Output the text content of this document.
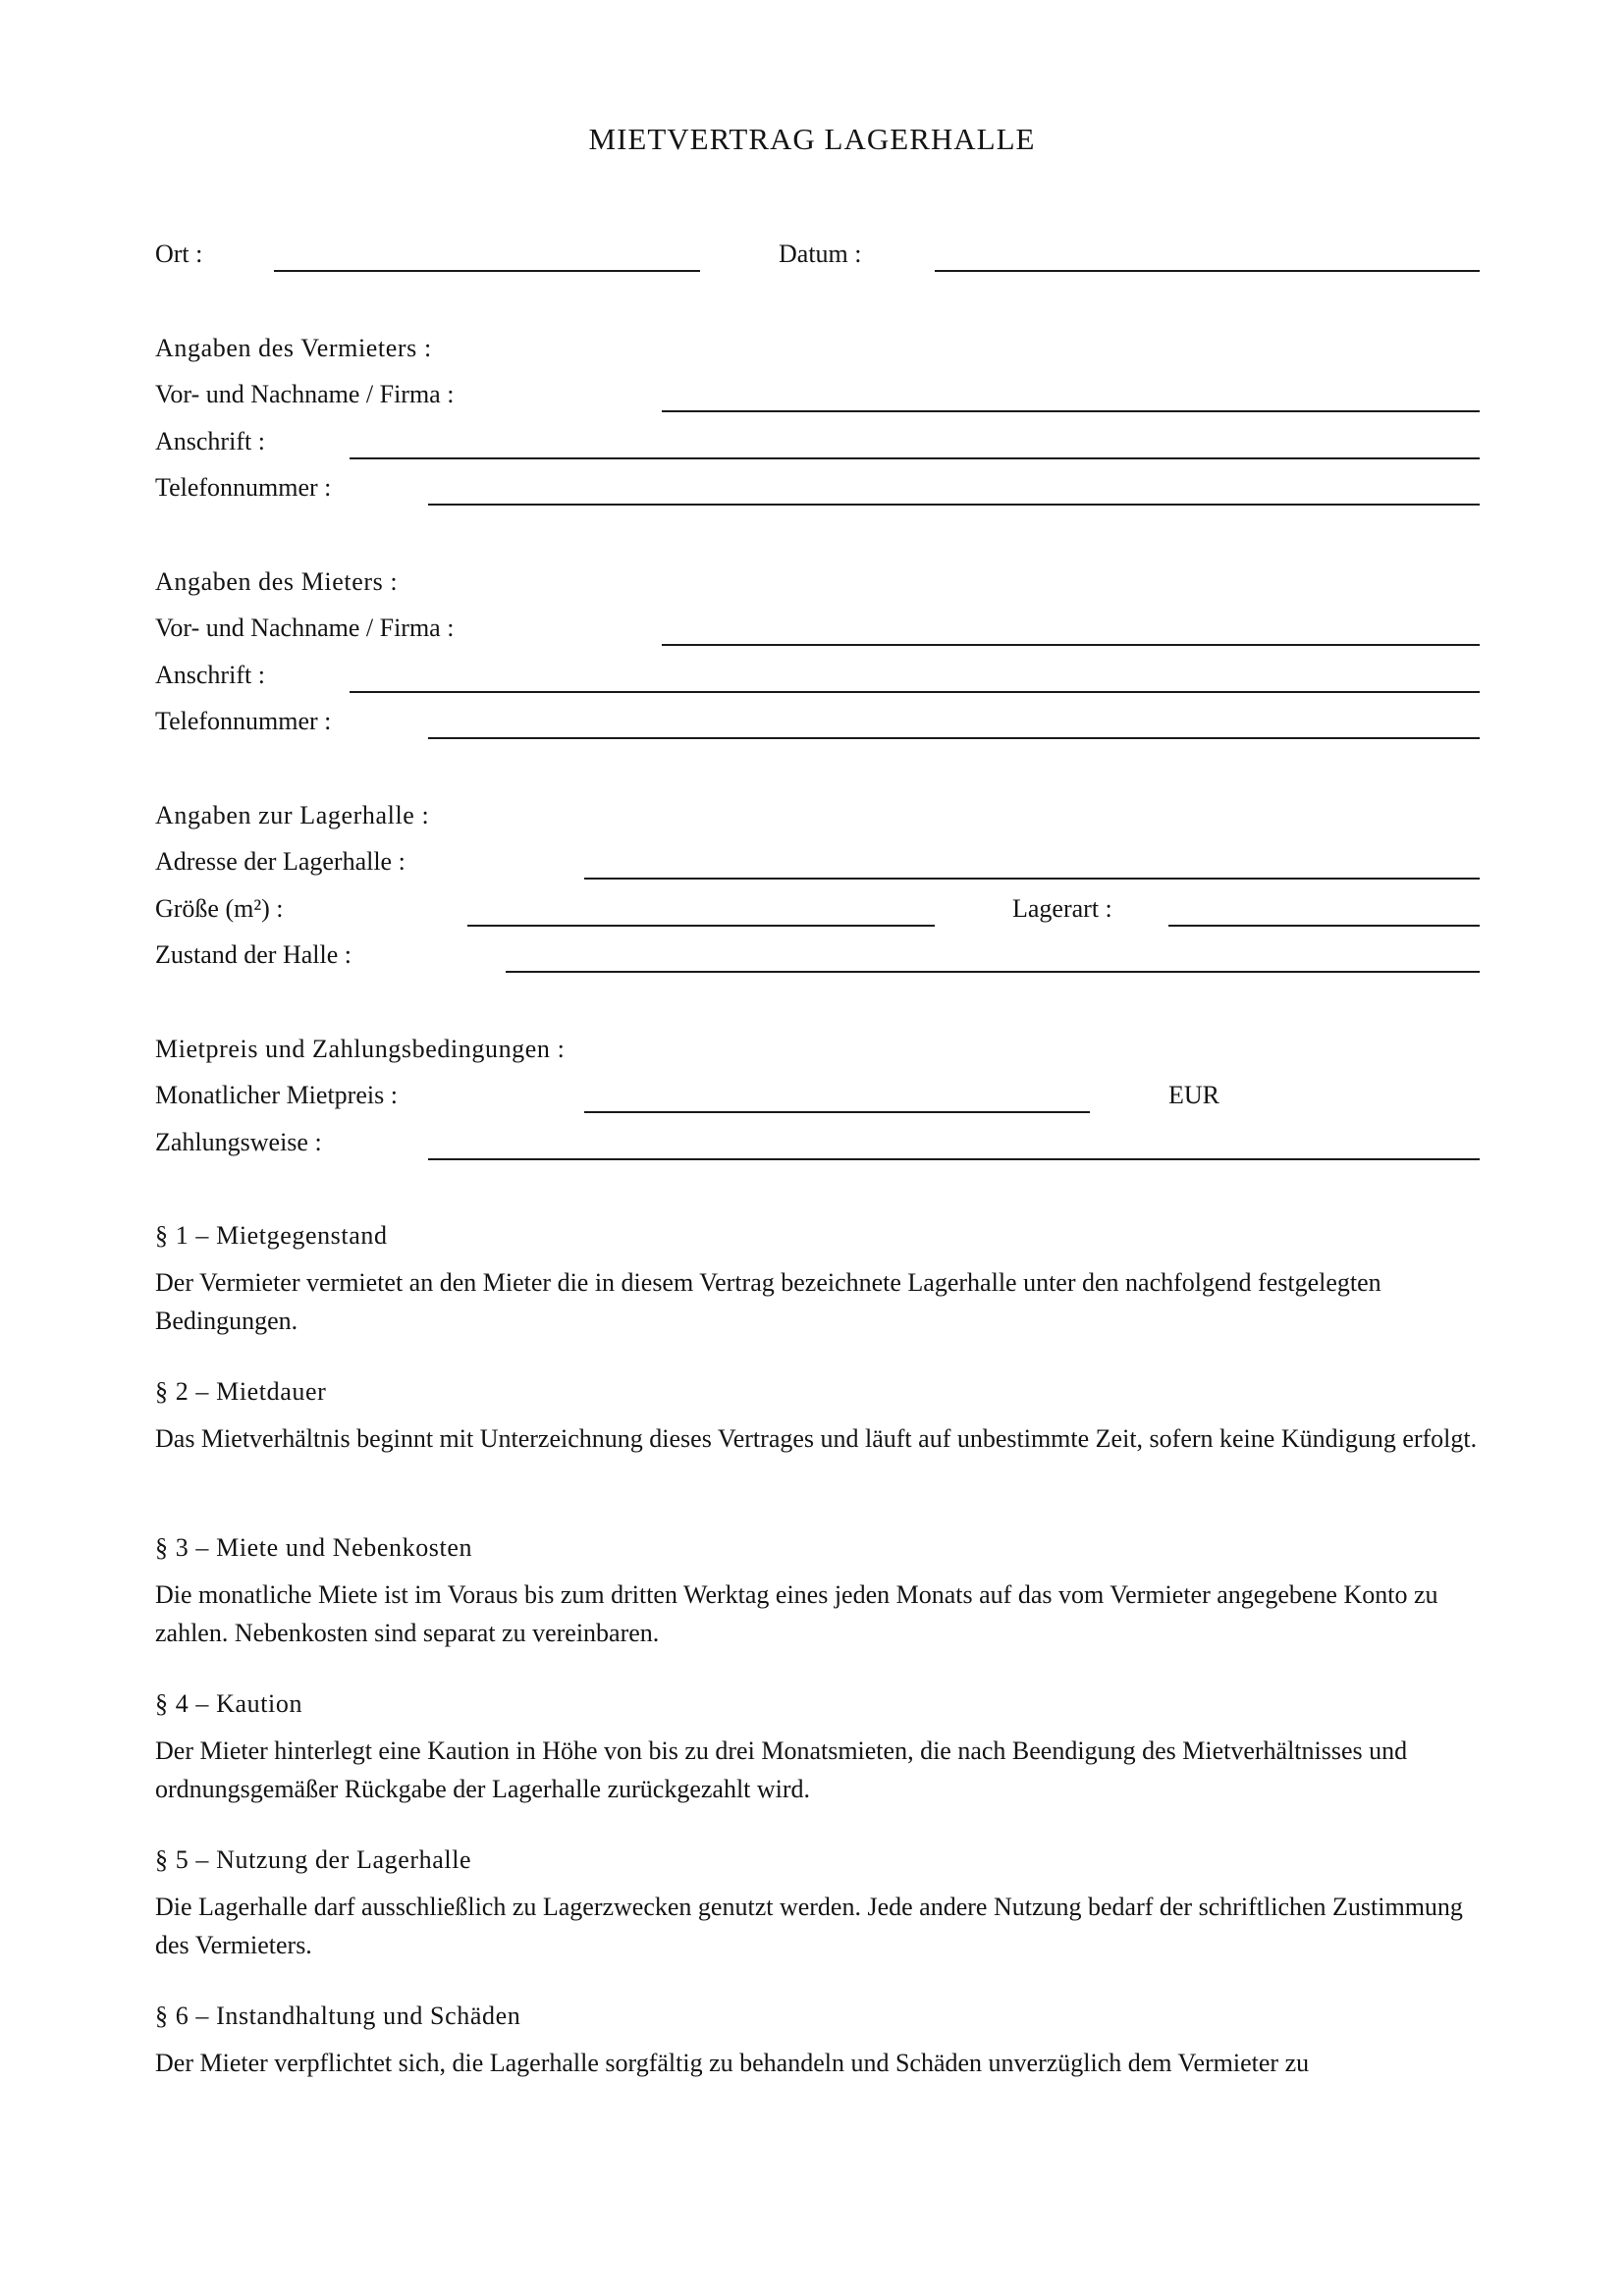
MIETVERTRAG LAGERHALLE
Ort :	Datum :
Angaben des Vermieters :
Vor- und Nachname / Firma :
Anschrift :
Telefonnummer :
Angaben des Mieters :
Vor- und Nachname / Firma :
Anschrift :
Telefonnummer :
Angaben zur Lagerhalle :
Adresse der Lagerhalle :
Größe (m²) :	Lagerart :
Zustand der Halle :
Mietpreis und Zahlungsbedingungen :
Monatlicher Mietpreis :	EUR
Zahlungsweise :
§ 1 – Mietgegenstand
Der Vermieter vermietet an den Mieter die in diesem Vertrag bezeichnete Lagerhalle unter den nachfolgend festgelegten Bedingungen.
§ 2 – Mietdauer
Das Mietverhältnis beginnt mit Unterzeichnung dieses Vertrages und läuft auf unbestimmte Zeit, sofern keine Kündigung erfolgt.
§ 3 – Miete und Nebenkosten
Die monatliche Miete ist im Voraus bis zum dritten Werktag eines jeden Monats auf das vom Vermieter angegebene Konto zu zahlen. Nebenkosten sind separat zu vereinbaren.
§ 4 – Kaution
Der Mieter hinterlegt eine Kaution in Höhe von bis zu drei Monatsmieten, die nach Beendigung des Mietverhältnisses und ordnungsgemäßer Rückgabe der Lagerhalle zurückgezahlt wird.
§ 5 – Nutzung der Lagerhalle
Die Lagerhalle darf ausschließlich zu Lagerzwecken genutzt werden. Jede andere Nutzung bedarf der schriftlichen Zustimmung des Vermieters.
§ 6 – Instandhaltung und Schäden
Der Mieter verpflichtet sich, die Lagerhalle sorgfältig zu behandeln und Schäden unverzüglich dem Vermieter zu
